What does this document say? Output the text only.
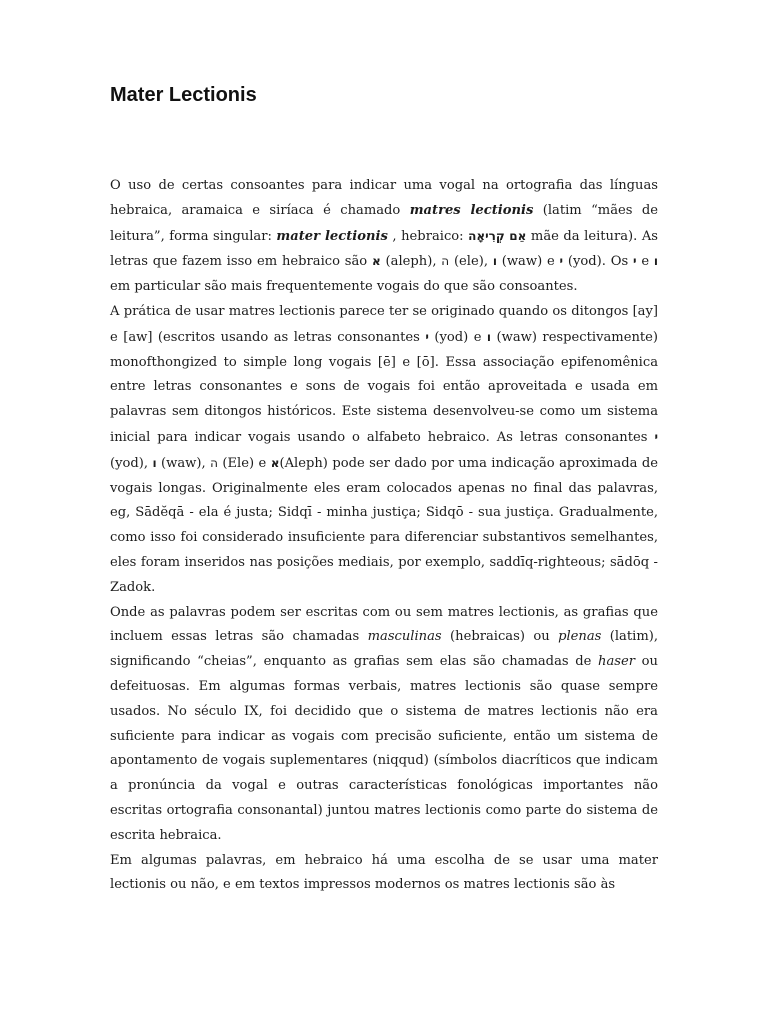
Mater Lectionis

O uso de certas consoantes para indicar uma vogal na ortografia das línguas hebraica, aramaica e siríaca é chamado matres lectionis (latim “mães de leitura”, forma singular: mater lectionis , hebraico: אֵם קְרִיאָה mãe da leitura). As letras que fazem isso em hebraico são א (aleph), ה (ele), ו (waw) e י (yod). Os י e ו em particular são mais frequentemente vogais do que são consoantes.

A prática de usar matres lectionis parece ter se originado quando os ditongos [ay] e [aw] (escritos usando as letras consonantes י (yod) e ו (waw) respectivamente) monofthongized to simple long vogais [ē] e [ō]. Essa associação epifenomênica entre letras consonantes e sons de vogais foi então aproveitada e usada em palavras sem ditongos históricos. Este sistema desenvolveu-se como um sistema inicial para indicar vogais usando o alfabeto hebraico. As letras consonantes י (yod), ו (waw), ה (Ele) e א(Aleph) pode ser dado por uma indicação aproximada de vogais longas. Originalmente eles eram colocados apenas no final das palavras, eg, Sādĕqā - ela é justa; Sidqī - minha justiça; Sidqō - sua justiça. Gradualmente, como isso foi considerado insuficiente para diferenciar substantivos semelhantes, eles foram inseridos nas posições mediais, por exemplo, saddīq-righteous; sādōq - Zadok.

Onde as palavras podem ser escritas com ou sem matres lectionis, as grafias que incluem essas letras são chamadas masculinas (hebraicas) ou plenas (latim), significando “cheias”, enquanto as grafias sem elas são chamadas de haser ou defeituosas. Em algumas formas verbais, matres lectionis são quase sempre usados. No século IX, foi decidido que o sistema de matres lectionis não era suficiente para indicar as vogais com precisão suficiente, então um sistema de apontamento de vogais suplementares (niqqud) (símbolos diacríticos que indicam a pronúncia da vogal e outras características fonológicas importantes não escritas ortografia consonantal) juntou matres lectionis como parte do sistema de escrita hebraica.

Em algumas palavras, em hebraico há uma escolha de se usar uma mater lectionis ou não, e em textos impressos modernos os matres lectionis são às
